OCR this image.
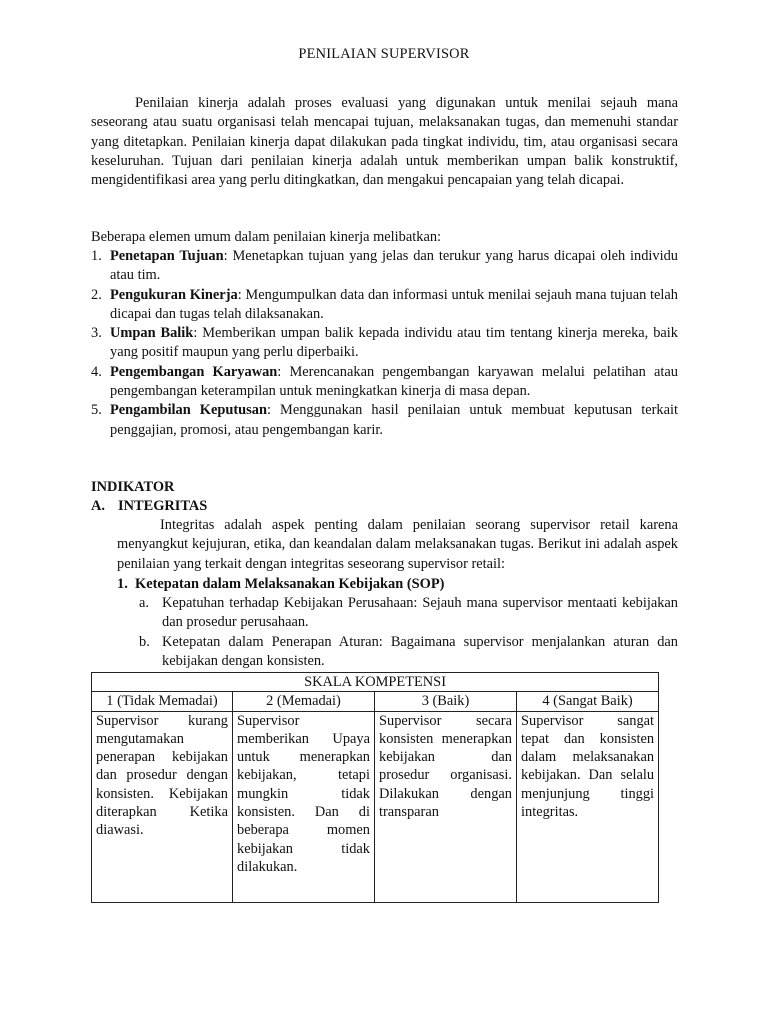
PENILAIAN SUPERVISOR
Penilaian kinerja adalah proses evaluasi yang digunakan untuk menilai sejauh mana seseorang atau suatu organisasi telah mencapai tujuan, melaksanakan tugas, dan memenuhi standar yang ditetapkan. Penilaian kinerja dapat dilakukan pada tingkat individu, tim, atau organisasi secara keseluruhan. Tujuan dari penilaian kinerja adalah untuk memberikan umpan balik konstruktif, mengidentifikasi area yang perlu ditingkatkan, dan mengakui pencapaian yang telah dicapai.
Beberapa elemen umum dalam penilaian kinerja melibatkan:
1. Penetapan Tujuan: Menetapkan tujuan yang jelas dan terukur yang harus dicapai oleh individu atau tim.
2. Pengukuran Kinerja: Mengumpulkan data dan informasi untuk menilai sejauh mana tujuan telah dicapai dan tugas telah dilaksanakan.
3. Umpan Balik: Memberikan umpan balik kepada individu atau tim tentang kinerja mereka, baik yang positif maupun yang perlu diperbaiki.
4. Pengembangan Karyawan: Merencanakan pengembangan karyawan melalui pelatihan atau pengembangan keterampilan untuk meningkatkan kinerja di masa depan.
5. Pengambilan Keputusan: Menggunakan hasil penilaian untuk membuat keputusan terkait penggajian, promosi, atau pengembangan karir.
INDIKATOR
A. INTEGRITAS
Integritas adalah aspek penting dalam penilaian seorang supervisor retail karena menyangkut kejujuran, etika, dan keandalan dalam melaksanakan tugas. Berikut ini adalah aspek penilaian yang terkait dengan integritas seseorang supervisor retail:
1. Ketepatan dalam Melaksanakan Kebijakan (SOP)
a. Kepatuhan terhadap Kebijakan Perusahaan: Sejauh mana supervisor mentaati kebijakan dan prosedur perusahaan.
b. Ketepatan dalam Penerapan Aturan: Bagaimana supervisor menjalankan aturan dan kebijakan dengan konsisten.
SKALA KOMPETENSI			
1 (Tidak Memadai)	2 (Memadai)	3 (Baik)	4 (Sangat Baik)
Supervisor kurang mengutamakan penerapan kebijakan dan prosedur dengan konsisten. Kebijakan diterapkan Ketika diawasi.	Supervisor memberikan Upaya untuk menerapkan kebijakan, tetapi mungkin tidak konsisten. Dan di beberapa momen kebijakan tidak dilakukan.	Supervisor secara konsisten menerapkan kebijakan dan prosedur organisasi. Dilakukan dengan transparan	Supervisor sangat tepat dan konsisten dalam melaksanakan kebijakan. Dan selalu menjunjung tinggi integritas.
